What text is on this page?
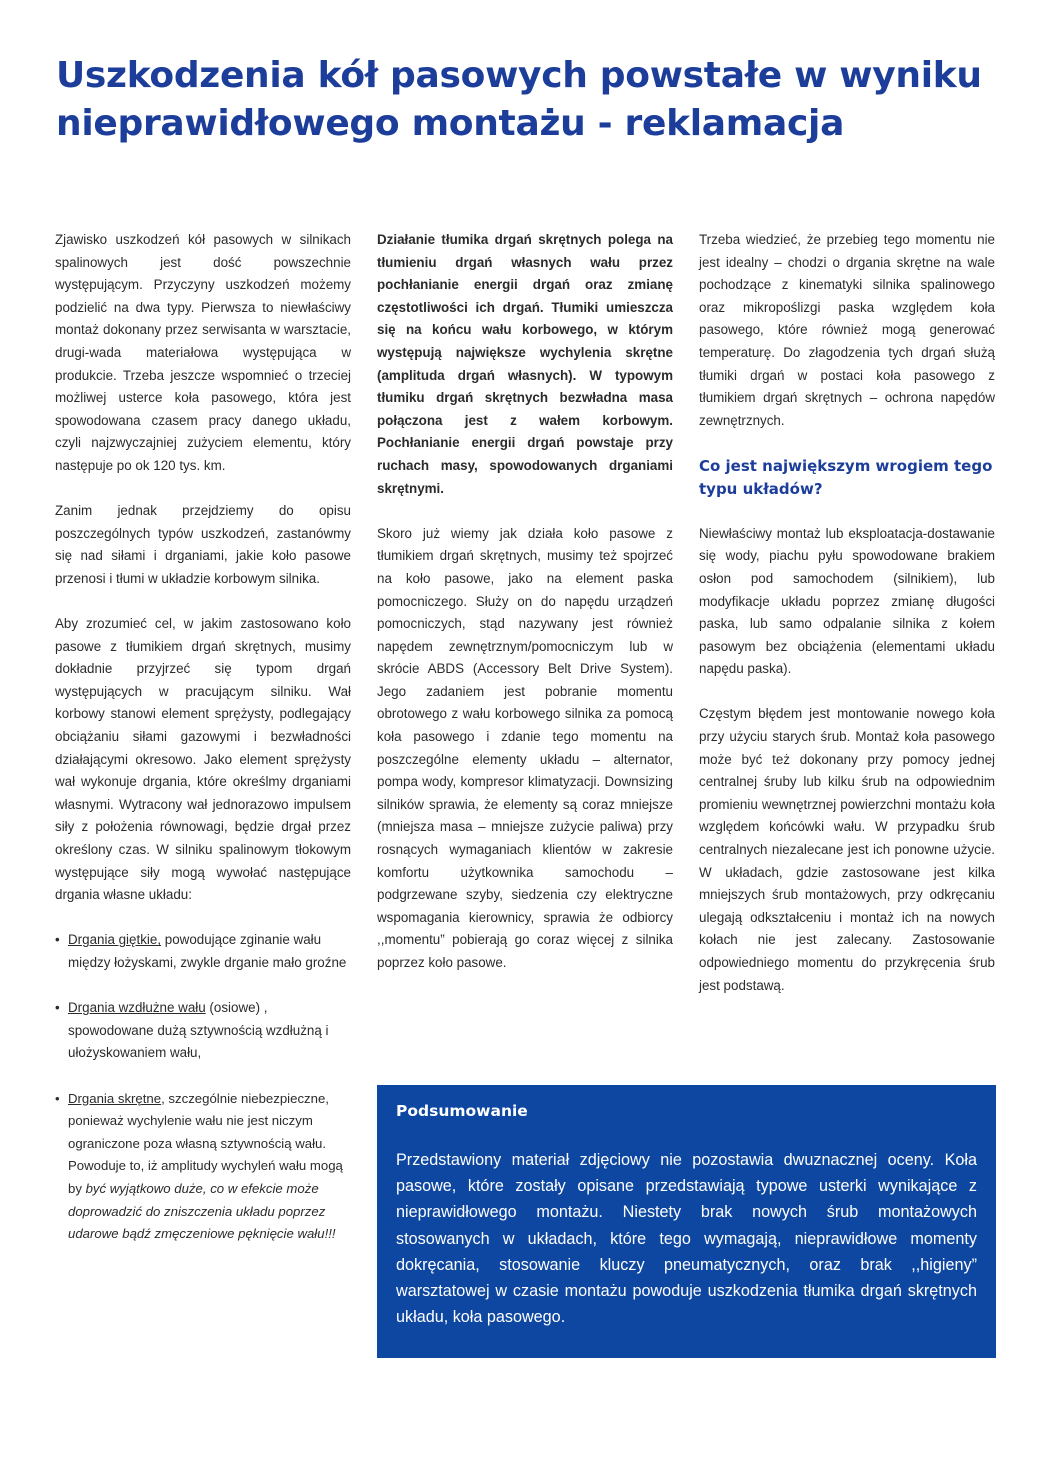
Uszkodzenia kół pasowych powstałe w wyniku nieprawidłowego montażu - reklamacja

Zjawisko uszkodzeń kół pasowych w silnikach spalinowych jest dość powszechnie występującym. Przyczyny uszkodzeń możemy podzielić na dwa typy. Pierwsza to niewłaściwy montaż dokonany przez serwisanta w warsztacie, drugi-wada materiałowa występująca w produkcie. Trzeba jeszcze wspomnieć o trzeciej możliwej usterce koła pasowego, która jest spowodowana czasem pracy danego układu, czyli najzwyczajniej zużyciem elementu, który następuje po ok 120 tys. km.

Zanim jednak przejdziemy do opisu poszczególnych typów uszkodzeń, zastanówmy się nad siłami i drganiami, jakie koło pasowe przenosi i tłumi w układzie korbowym silnika.

Aby zrozumieć cel, w jakim zastosowano koło pasowe z tłumikiem drgań skrętnych, musimy dokładnie przyjrzeć się typom drgań występujących w pracującym silniku. Wał korbowy stanowi element sprężysty, podlegający obciążaniu siłami gazowymi i bezwładności działającymi okresowo. Jako element sprężysty wał wykonuje drgania, które określmy drganiami własnymi. Wytracony wał jednorazowo impulsem siły z położenia równowagi, będzie drgał przez określony czas. W silniku spalinowym tłokowym występujące siły mogą wywołać następujące drgania własne układu:

• Drgania giętkie, powodujące zginanie wału między łożyskami, zwykle drganie mało groźne
• Drgania wzdłużne wału (osiowe) , spowodowane dużą sztywnością wzdłużną i ułożyskowaniem wału,
• Drgania skrętne, szczególnie niebezpieczne, ponieważ wychylenie wału nie jest niczym ograniczone poza własną sztywnością wału. Powoduje to, iż amplitudy wychyleń wału mogą by być wyjątkowo duże, co w efekcie może doprowadzić do zniszczenia układu poprzez udarowe bądź zmęczeniowe pęknięcie wału!!!

Działanie tłumika drgań skrętnych polega na tłumieniu drgań własnych wału przez pochłanianie energii drgań oraz zmianę częstotliwości ich drgań. Tłumiki umieszcza się na końcu wału korbowego, w którym występują największe wychylenia skrętne (amplituda drgań własnych). W typowym tłumiku drgań skrętnych bezwładna masa połączona jest z wałem korbowym. Pochłanianie energii drgań powstaje przy ruchach masy, spowodowanych drganiami skrętnymi.

Skoro już wiemy jak działa koło pasowe z tłumikiem drgań skrętnych, musimy też spojrzeć na koło pasowe, jako na element paska pomocniczego. Służy on do napędu urządzeń pomocniczych, stąd nazywany jest również napędem zewnętrznym/pomocniczym lub w skrócie ABDS (Accessory Belt Drive System). Jego zadaniem jest pobranie momentu obrotowego z wału korbowego silnika za pomocą koła pasowego i zdanie tego momentu na poszczególne elementy układu – alternator, pompa wody, kompresor klimatyzacji. Downsizing silników sprawia, że elementy są coraz mniejsze (mniejsza masa – mniejsze zużycie paliwa) przy rosnących wymaganiach klientów w zakresie komfortu użytkownika samochodu – podgrzewane szyby, siedzenia czy elektryczne wspomagania kierownicy, sprawia że odbiorcy ,,momentu” pobierają go coraz więcej z silnika poprzez koło pasowe.

Trzeba wiedzieć, że przebieg tego momentu nie jest idealny – chodzi o drgania skrętne na wale pochodzące z kinematyki silnika spalinowego oraz mikropoślizgi paska względem koła pasowego, które również mogą generować temperaturę. Do złagodzenia tych drgań służą tłumiki drgań w postaci koła pasowego z tłumikiem drgań skrętnych – ochrona napędów zewnętrznych.

Co jest największym wrogiem tego typu układów?

Niewłaściwy montaż lub eksploatacja-dostawanie się wody, piachu pyłu spowodowane brakiem osłon pod samochodem (silnikiem), lub modyfikacje układu poprzez zmianę długości paska, lub samo odpalanie silnika z kołem pasowym bez obciążenia (elementami układu napędu paska).

Częstym błędem jest montowanie nowego koła przy użyciu starych śrub. Montaż koła pasowego może być też dokonany przy pomocy jednej centralnej śruby lub kilku śrub na odpowiednim promieniu wewnętrznej powierzchni montażu koła względem końcówki wału. W przypadku śrub centralnych niezalecane jest ich ponowne użycie. W układach, gdzie zastosowane jest kilka mniejszych śrub montażowych, przy odkręcaniu ulegają odkształceniu i montaż ich na nowych kołach nie jest zalecany. Zastosowanie odpowiedniego momentu do przykręcenia śrub jest podstawą.

Podsumowanie

Przedstawiony materiał zdjęciowy nie pozostawia dwuznacznej oceny. Koła pasowe, które zostały opisane przedstawiają typowe usterki wynikające z nieprawidłowego montażu. Niestety brak nowych śrub montażowych stosowanych w układach, które tego wymagają, nieprawidłowe momenty dokręcania, stosowanie kluczy pneumatycznych, oraz brak ,,higieny” warsztatowej w czasie montażu powoduje uszkodzenia tłumika drgań skrętnych układu, koła pasowego.
